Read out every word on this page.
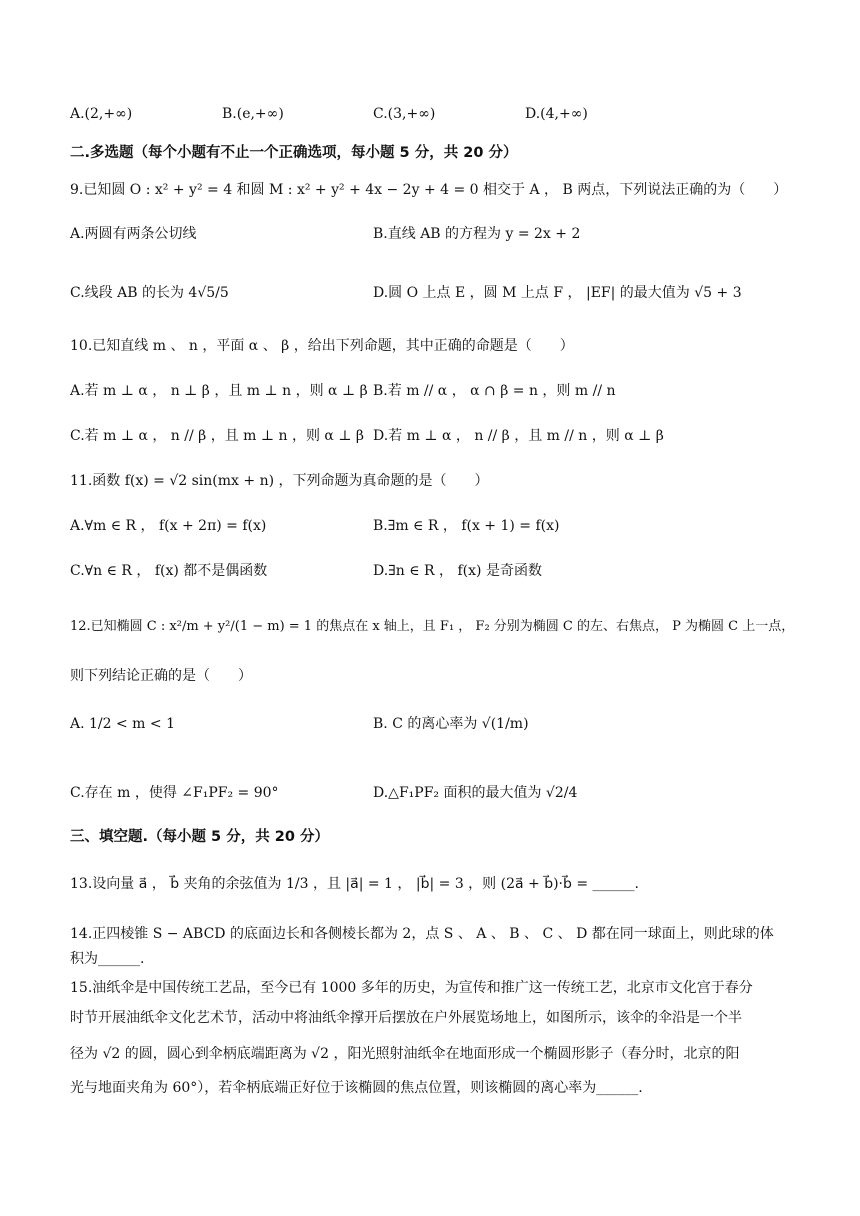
A.(2,+∞)	B.(e,+∞)	C.(3,+∞)	D.(4,+∞)
二.多选题（每个小题有不止一个正确选项，每小题 5 分，共 20 分）
9.已知圆 O : x² + y² = 4 和圆 M : x² + y² + 4x − 2y + 4 = 0 相交于 A ， B 两点，下列说法正确的为（　　）
A.两圆有两条公切线	B.直线 AB 的方程为 y = 2x + 2
C.线段 AB 的长为 4√5/5	D.圆 O 上点 E ，圆 M 上点 F ， |EF| 的最大值为 √5 + 3
10.已知直线 m 、 n ，平面 α 、 β ，给出下列命题，其中正确的命题是（　　）
A.若 m ⊥ α ， n ⊥ β ，且 m ⊥ n ，则 α ⊥ β B.若 m // α ， α ∩ β = n ，则 m // n
C.若 m ⊥ α ， n // β ，且 m ⊥ n ，则 α ⊥ β D.若 m ⊥ α ， n // β ，且 m // n ，则 α ⊥ β
11.函数 f(x) = √2 sin(mx + n) ，下列命题为真命题的是（　　）
A.∀m ∈ R ， f(x + 2π) = f(x)	B.∃m ∈ R ， f(x + 1) = f(x)
C.∀n ∈ R ， f(x) 都不是偶函数	D.∃n ∈ R ， f(x) 是奇函数
12.已知椭圆 C : x²/m + y²/(1 − m) = 1 的焦点在 x 轴上，且 F₁ ， F₂ 分别为椭圆 C 的左、右焦点， P 为椭圆 C 上一点，
则下列结论正确的是（　　）
A. 1/2 < m < 1	B. C 的离心率为 √(1/m)
C.存在 m ，使得 ∠F₁PF₂ = 90°	D.△F₁PF₂ 面积的最大值为 √2/4
三、填空题.（每小题 5 分，共 20 分）
13.设向量 a⃗ ， b⃗ 夹角的余弦值为 1/3 ，且 |a⃗| = 1 ， |b⃗| = 3 ，则 (2a⃗ + b⃗)·b⃗ = ______.
14.正四棱锥 S − ABCD 的底面边长和各侧棱长都为 2，点 S 、 A 、 B 、 C 、 D 都在同一球面上，则此球的体
积为______.
15.油纸伞是中国传统工艺品，至今已有 1000 多年的历史，为宣传和推广这一传统工艺，北京市文化宫于春分
时节开展油纸伞文化艺术节，活动中将油纸伞撑开后摆放在户外展览场地上，如图所示，该伞的伞沿是一个半
径为 √2 的圆，圆心到伞柄底端距离为 √2 ，阳光照射油纸伞在地面形成一个椭圆形影子（春分时，北京的阳
光与地面夹角为 60°），若伞柄底端正好位于该椭圆的焦点位置，则该椭圆的离心率为______.
